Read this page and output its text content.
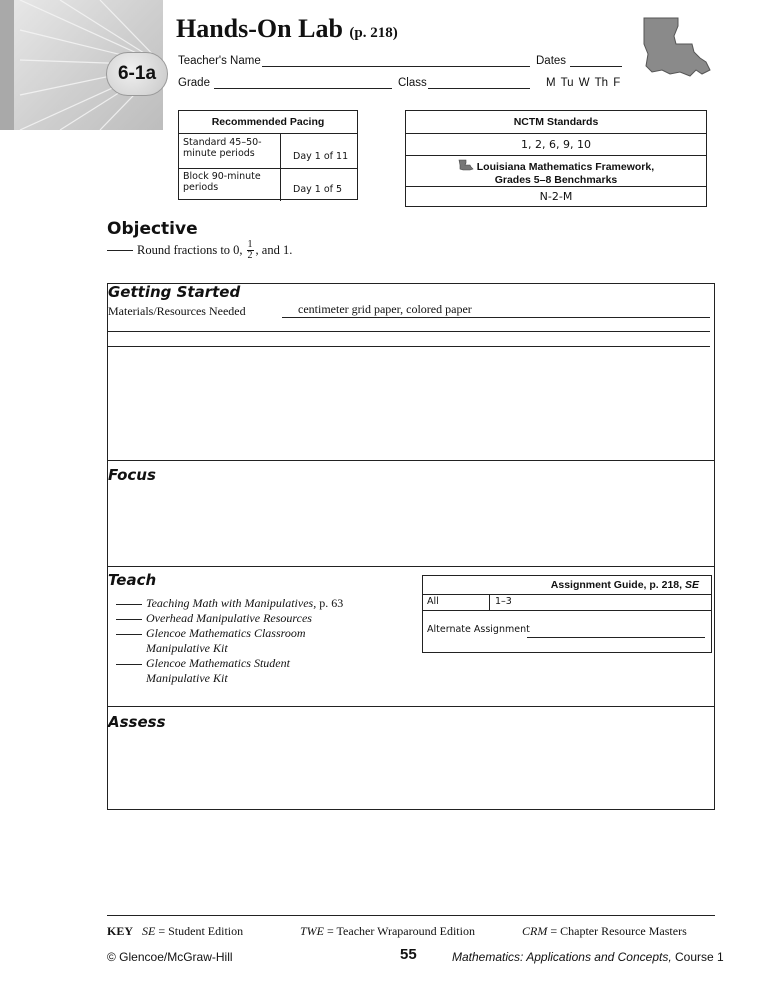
6-1a
Hands-On Lab (p. 218)
Teacher's Name	Dates
Grade	Class	M Tu W Th F
Recommended Pacing
Standard 45–50-minute periods	Day 1 of 11
Block 90-minute periods	Day 1 of 5
NCTM Standards
1, 2, 6, 9, 10
Louisiana Mathematics Framework,
Grades 5–8 Benchmarks
N-2-M
Objective
Round fractions to 0, $\frac{1}{2}$ , and 1.
Getting Started
Materials/Resources Needed	centimeter grid paper, colored paper
Focus
Teach
Teaching Math with Manipulatives, p. 63
Overhead Manipulative Resources
Glencoe Mathematics Classroom
Manipulative Kit
Glencoe Mathematics Student
Manipulative Kit
Assignment Guide, p. 218, SE
All	1–3
Alternate Assignment
Assess
KEY SE = Student Edition	TWE = Teacher Wraparound Edition	CRM = Chapter Resource Masters
© Glencoe/McGraw-Hill	55	Mathematics: Applications and Concepts, Course 1
